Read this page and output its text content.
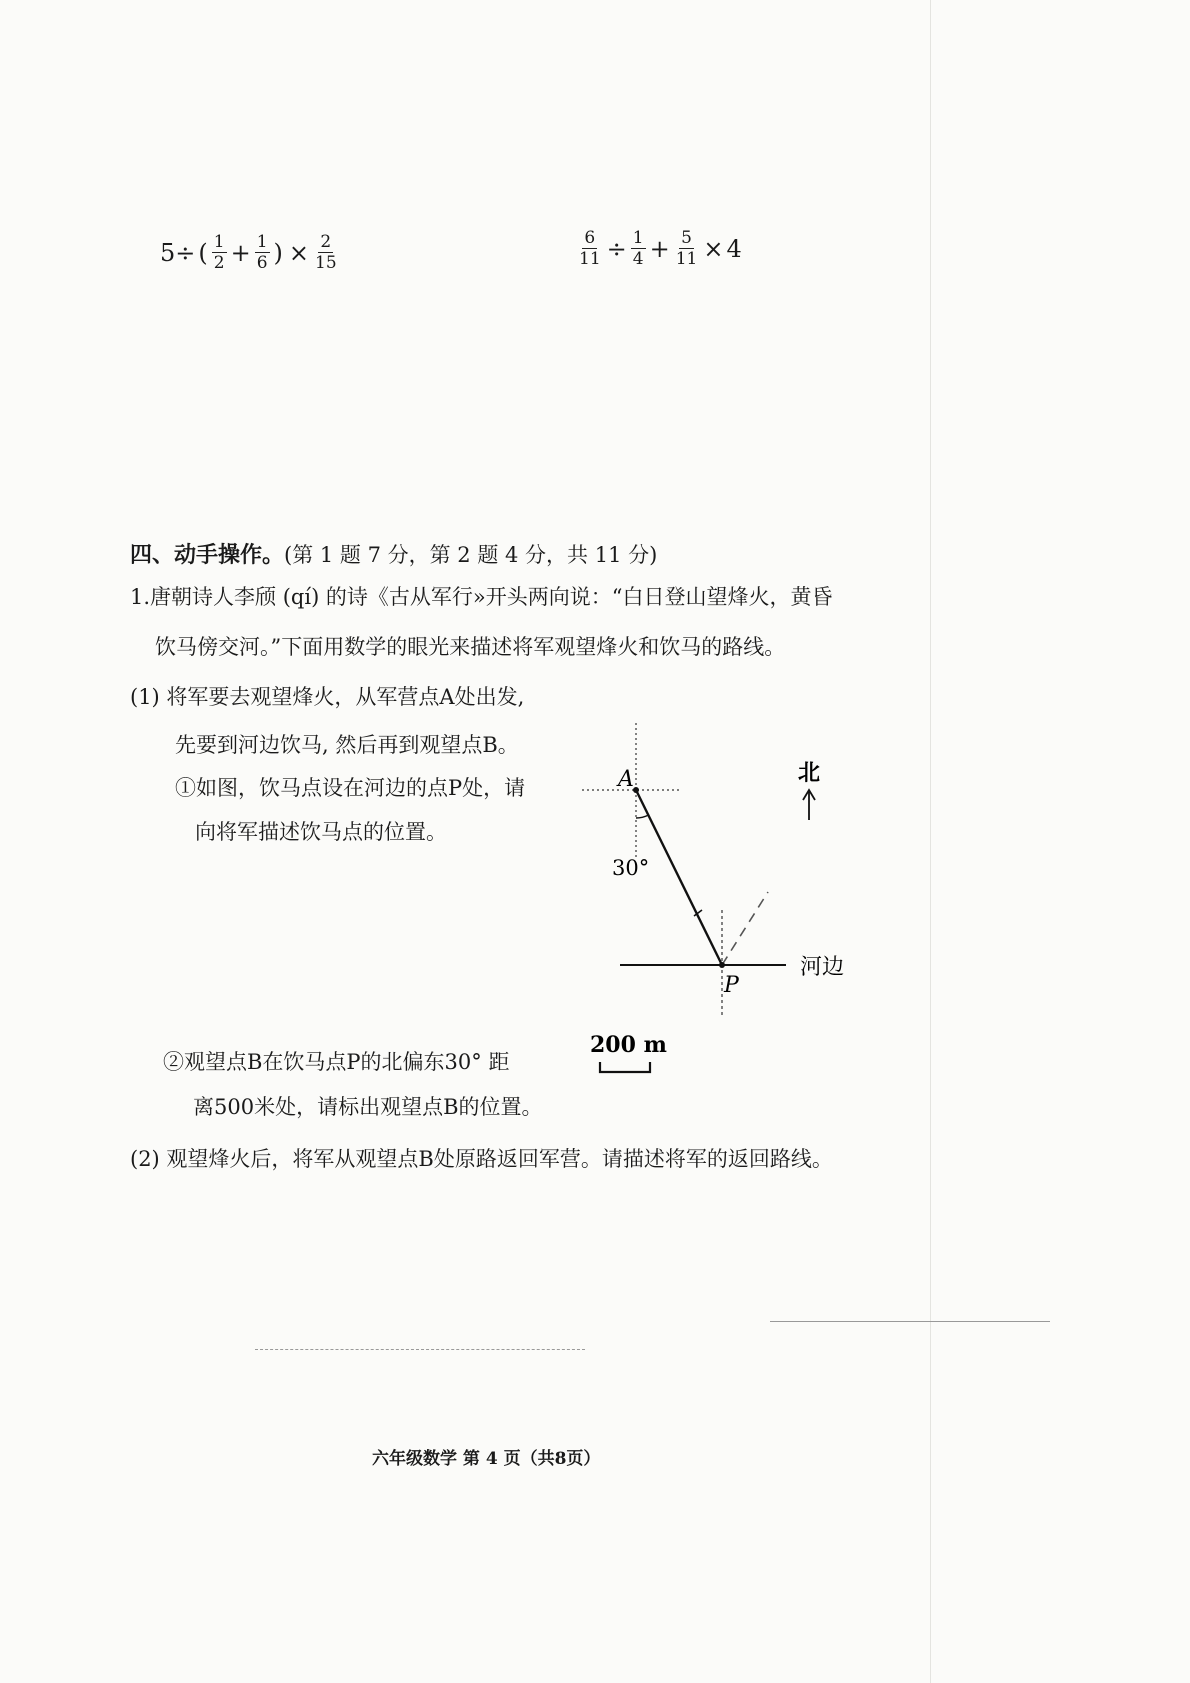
5÷ ( $\frac{1}{2} + \frac{1}{6}$ ) × $\frac{2}{15}$	$\frac{6}{11} \div \frac{1}{4} + \frac{5}{11} \times 4$
四、动手操作。(第 1 题 7 分，第 2 题 4 分，共 11 分)
1.唐朝诗人李颀 (qí) 的诗《古从军行»开头两向说：“白日登山望烽火，黄昏
饮马傍交河。”下面用数学的眼光来描述将军观望烽火和饮马的路线。
(1) 将军要去观望烽火，从军营点A处出发,
先要到河边饮马, 然后再到观望点B。
①如图，饮马点设在河边的点P处，请
向将军描述饮马点的位置。
②观望点B在饮马点P的北偏东30° 距
离500米处，请标出观望点B的位置。
(2) 观望烽火后，将军从观望点B处原路返回军营。请描述将军的返回路线。
A
P
30°
河边
北
200 m
六年级数学 第 4 页（共8页）
